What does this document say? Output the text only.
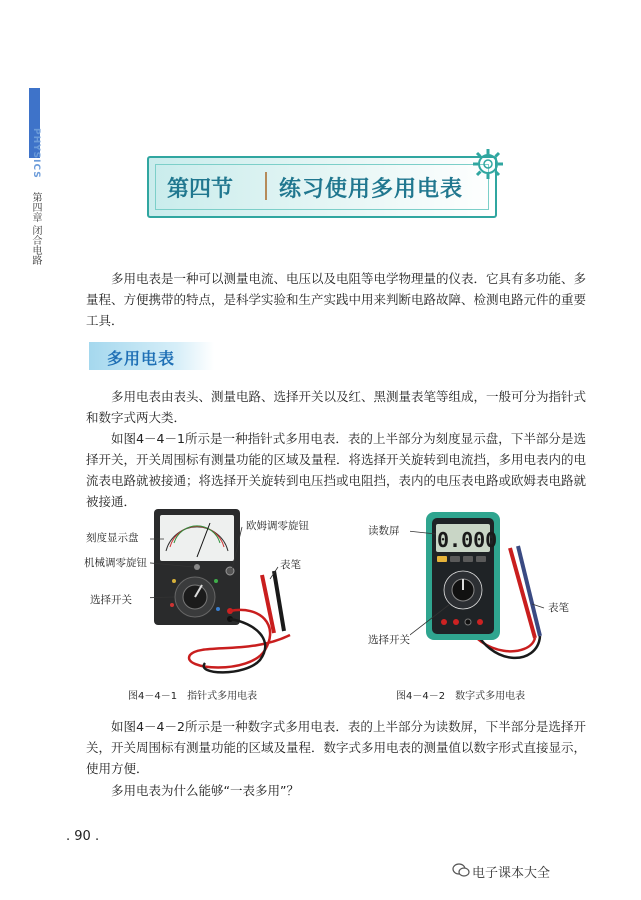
PHYSICS
第四章 闭合电路
第四节 练习使用多用电表

多用电表是一种可以测量电流、电压以及电阻等电学物理量的仪表．它具有多功能、多量程、方便携带的特点，是科学实验和生产实践中用来判断电路故障、检测电路元件的重要工具．

多用电表

多用电表由表头、测量电路、选择开关以及红、黑测量表笔等组成，一般可分为指针式和数字式两大类．

如图4－4－1所示是一种指针式多用电表．表的上半部分为刻度显示盘，下半部分是选择开关，开关周围标有测量功能的区域及量程．将选择开关旋转到电流挡，多用电表内的电流表电路就被接通；将选择开关旋转到电压挡或电阻挡，表内的电压表电路或欧姆表电路就被接通．

刻度显示盘
欧姆调零旋钮
机械调零旋钮	表笔
选择开关
图4－4－1　指针式多用电表
0.000
读数屏
表笔
选择开关
图4－4－2　数字式多用电表

如图4－4－2所示是一种数字式多用电表．表的上半部分为读数屏，下半部分是选择开关，开关周围标有测量功能的区域及量程．数字式多用电表的测量值以数字形式直接显示，使用方便．

多用电表为什么能够“一表多用”？

. 90 .
电子课本大全
